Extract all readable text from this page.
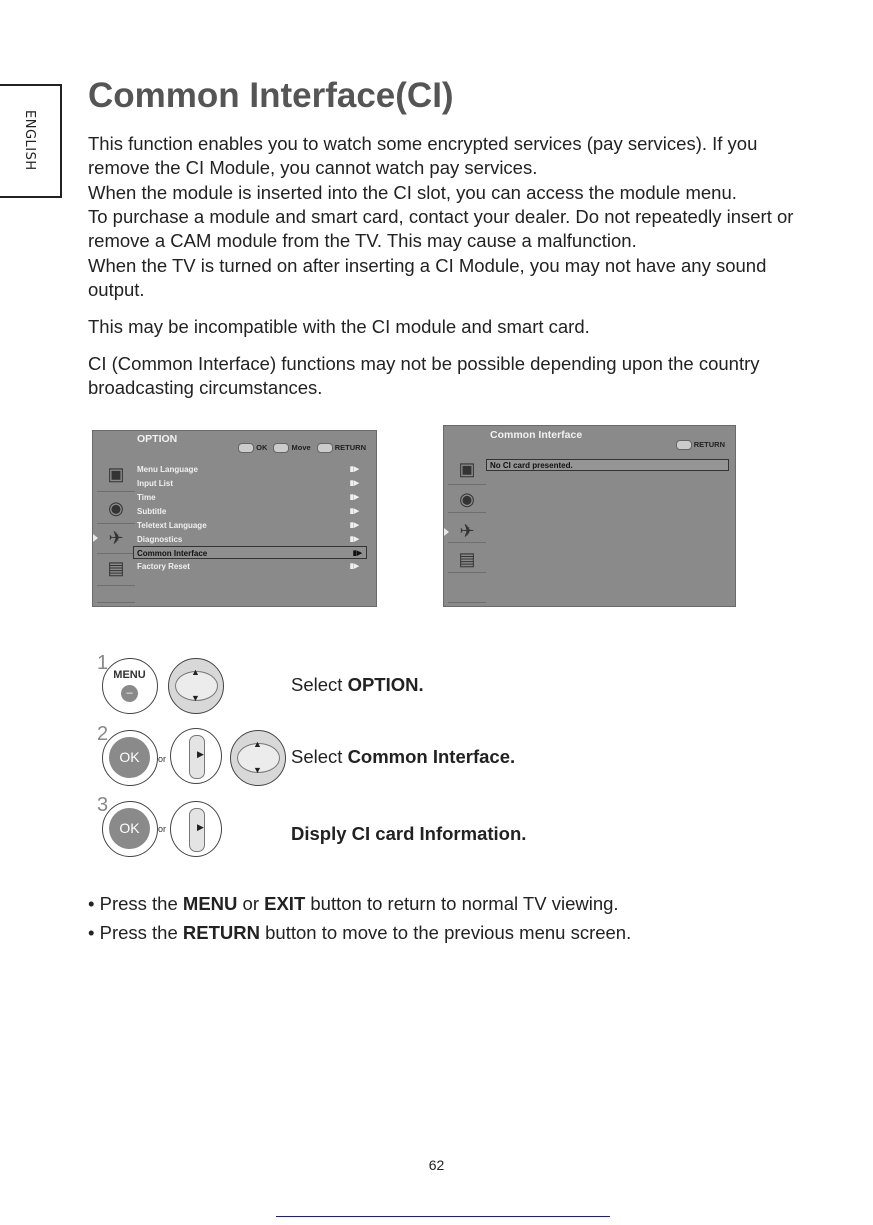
ENGLISH
Common Interface(CI)

This function enables you to watch some encrypted services (pay services). If you remove the CI Module, you cannot watch pay services.

When the module is inserted into the CI slot, you can access the module menu.

To purchase a module and smart card, contact your dealer. Do not repeatedly insert or remove a CAM module from the TV. This may cause a malfunction.

When the TV is turned on after inserting a CI Module, you may not have any sound output.

This may be incompatible with the CI module and smart card.

CI (Common Interface) functions may not be possible depending upon the country broadcasting circumstances.

OPTION
OK	Move	RETURN
▣
◉
✈
▤
Menu Language	▮▶
Input List	▮▶
Time	▮▶
Subtitle	▮▶
Teletext Language	▮▶
Diagnostics	▮▶
Common Interface	▮▶
Factory Reset	▮▶
Common Interface
RETURN
No CI card presented.
▣
◉
✈
▤
1
MENU
–
▲
▼
Select OPTION.
2
OK	or	▶
▲
▼
Select Common Interface.
3
OK	or	▶	Disply CI card Information.
• Press the MENU or EXIT button to return to normal TV viewing.
• Press the RETURN button to move to the previous menu screen.
62
